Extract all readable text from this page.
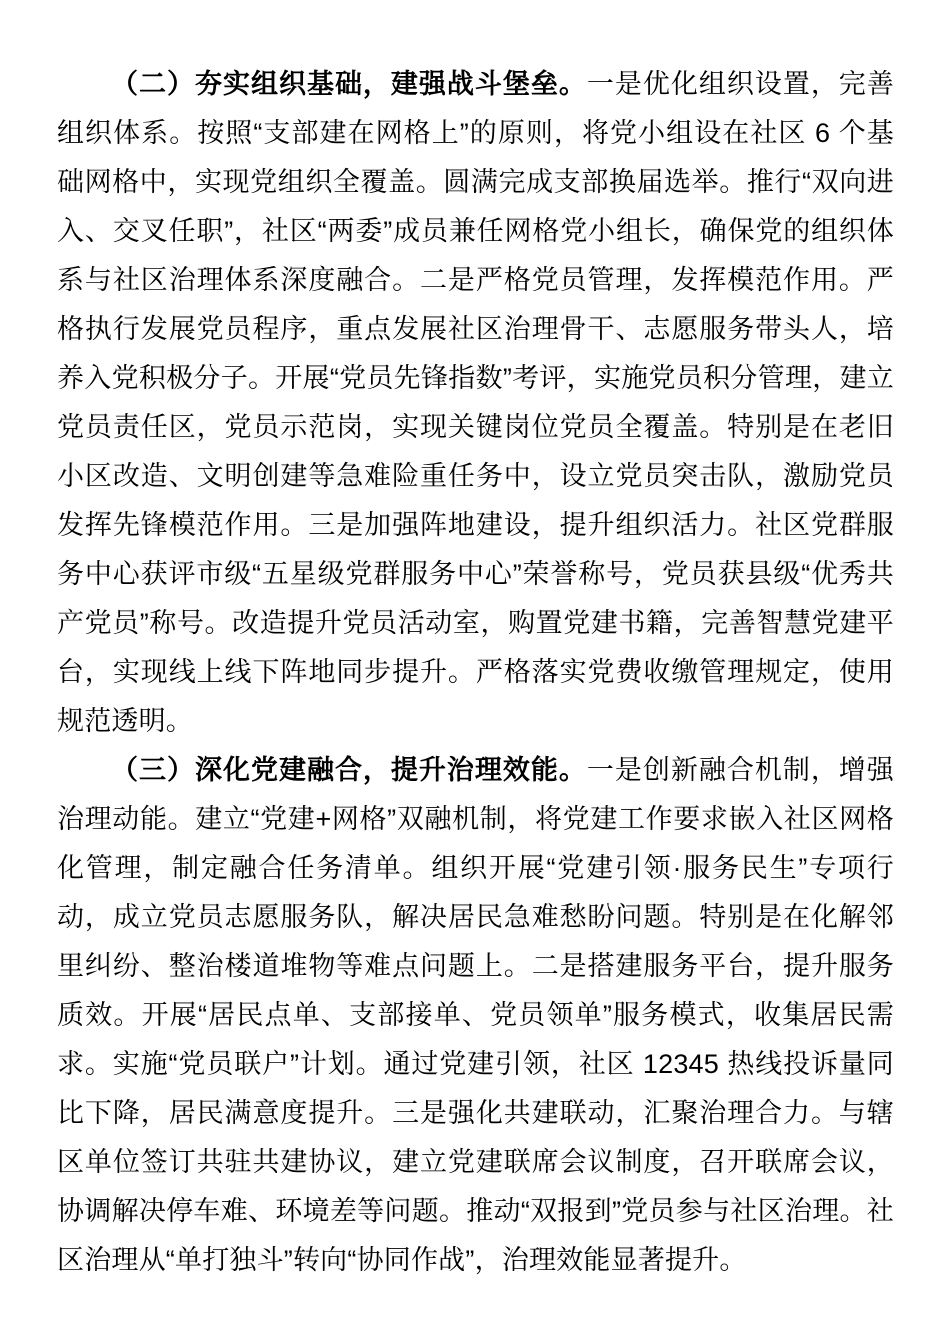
（二）夯实组织基础，建强战斗堡垒。一是优化组织设置，完善组织体系。按照“支部建在网格上”的原则，将党小组设在社区 6 个基础网格中，实现党组织全覆盖。圆满完成支部换届选举。推行“双向进入、交叉任职”，社区“两委”成员兼任网格党小组长，确保党的组织体系与社区治理体系深度融合。二是严格党员管理，发挥模范作用。严格执行发展党员程序，重点发展社区治理骨干、志愿服务带头人，培养入党积极分子。开展“党员先锋指数”考评，实施党员积分管理，建立党员责任区，党员示范岗，实现关键岗位党员全覆盖。特别是在老旧小区改造、文明创建等急难险重任务中，设立党员突击队，激励党员发挥先锋模范作用。三是加强阵地建设，提升组织活力。社区党群服务中心获评市级“五星级党群服务中心”荣誉称号，党员获县级“优秀共产党员”称号。改造提升党员活动室，购置党建书籍，完善智慧党建平台，实现线上线下阵地同步提升。严格落实党费收缴管理规定，使用规范透明。

（三）深化党建融合，提升治理效能。一是创新融合机制，增强治理动能。建立“党建+网格”双融机制，将党建工作要求嵌入社区网格化管理，制定融合任务清单。组织开展“党建引领·服务民生”专项行动，成立党员志愿服务队，解决居民急难愁盼问题。特别是在化解邻里纠纷、整治楼道堆物等难点问题上。二是搭建服务平台，提升服务质效。开展“居民点单、支部接单、党员领单”服务模式，收集居民需求。实施“党员联户”计划。通过党建引领，社区 12345 热线投诉量同比下降，居民满意度提升。三是强化共建联动，汇聚治理合力。与辖区单位签订共驻共建协议，建立党建联席会议制度，召开联席会议，协调解决停车难、环境差等问题。推动“双报到”党员参与社区治理。社区治理从“单打独斗”转向“协同作战”，治理效能显著提升。
